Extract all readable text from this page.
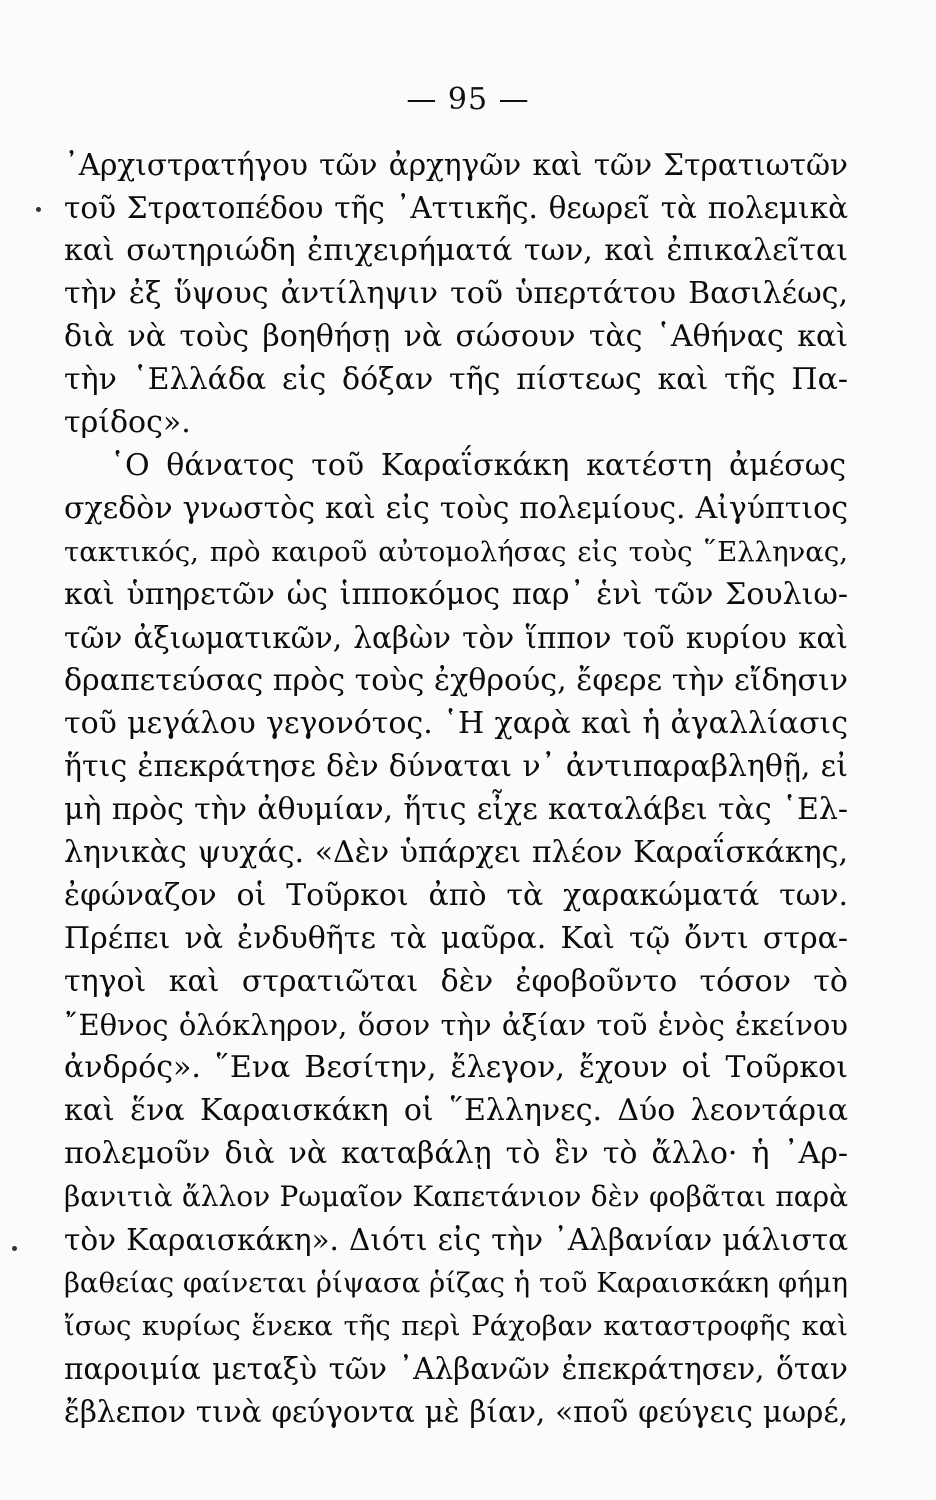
— 95 —
᾿Αρχιστρατήγου τῶν ἀρχηγῶν καὶ τῶν Στρατιωτῶν
τοῦ Στρατοπέδου τῆς ᾿Αττικῆς. θεωρεῖ τὰ πολεμικὰ
καὶ σωτηριώδη ἐπιχειρήματά των, καὶ ἐπικαλεῖται
τὴν ἐξ ὕψους ἀντίληψιν τοῦ ὑπερτάτου Βασιλέως,
διὰ νὰ τοὺς βοηθήσῃ νὰ σώσουν τὰς ῾Αθήνας καὶ
τὴν ῾Ελλάδα εἰς δόξαν τῆς πίστεως καὶ τῆς Πα-
τρίδος».
῾Ο θάνατος τοῦ Καραΐσκάκη κατέστη ἀμέσως
σχεδὸν γνωστὸς καὶ εἰς τοὺς πολεμίους. Αἰγύπτιος
τακτικός, πρὸ καιροῦ αὐτομολήσας εἰς τοὺς ῞Ελληνας,
καὶ ὑπηρετῶν ὡς ἱπποκόμος παρ᾽ ἑνὶ τῶν Σουλιω-
τῶν ἀξιωματικῶν, λαβὼν τὸν ἵππον τοῦ κυρίου καὶ
δραπετεύσας πρὸς τοὺς ἐχθρούς, ἔφερε τὴν εἴδησιν
τοῦ μεγάλου γεγονότος. ῾Η χαρὰ καὶ ἡ ἀγαλλίασις
ἥτις ἐπεκράτησε δὲν δύναται ν᾽ ἀντιπαραβληθῇ, εἰ
μὴ πρὸς τὴν ἀθυμίαν, ἥτις εἶχε καταλάβει τὰς ῾Ελ-
ληνικὰς ψυχάς. «Δὲν ὑπάρχει πλέον Καραΐσκάκης,
ἐφώναζον οἱ Τοῦρκοι ἀπὸ τὰ χαρακώματά των.
Πρέπει νὰ ἐνδυθῆτε τὰ μαῦρα. Καὶ τῷ ὄντι στρα-
τηγοὶ καὶ στρατιῶται δὲν ἐφοβοῦντο τόσον τὸ
῎Εθνος ὁλόκληρον, ὅσον τὴν ἀξίαν τοῦ ἑνὸς ἐκείνου
ἀνδρός». ῞Ενα Βεσίτην, ἔλεγον, ἔχουν οἱ Τοῦρκοι
καὶ ἕνα Καραισκάκη οἱ ῞Ελληνες. Δύο λεοντάρια
πολεμοῦν διὰ νὰ καταβάλῃ τὸ ἓν τὸ ἄλλο· ἡ ᾿Αρ-
βανιτιὰ ἄλλον Ρωμαῖον Καπετάνιον δὲν φοβᾶται παρὰ
τὸν Καραισκάκη». Διότι εἰς τὴν ᾿Αλβανίαν μάλιστα
βαθείας φαίνεται ῥίψασα ῥίζας ἡ τοῦ Καραισκάκη φήμη
ἴσως κυρίως ἕνεκα τῆς περὶ Ράχοβαν καταστροφῆς καὶ
παροιμία μεταξὺ τῶν ᾿Αλβανῶν ἐπεκράτησεν, ὅταν
ἔβλεπον τινὰ φεύγοντα μὲ βίαν, «ποῦ φεύγεις μωρέ,
